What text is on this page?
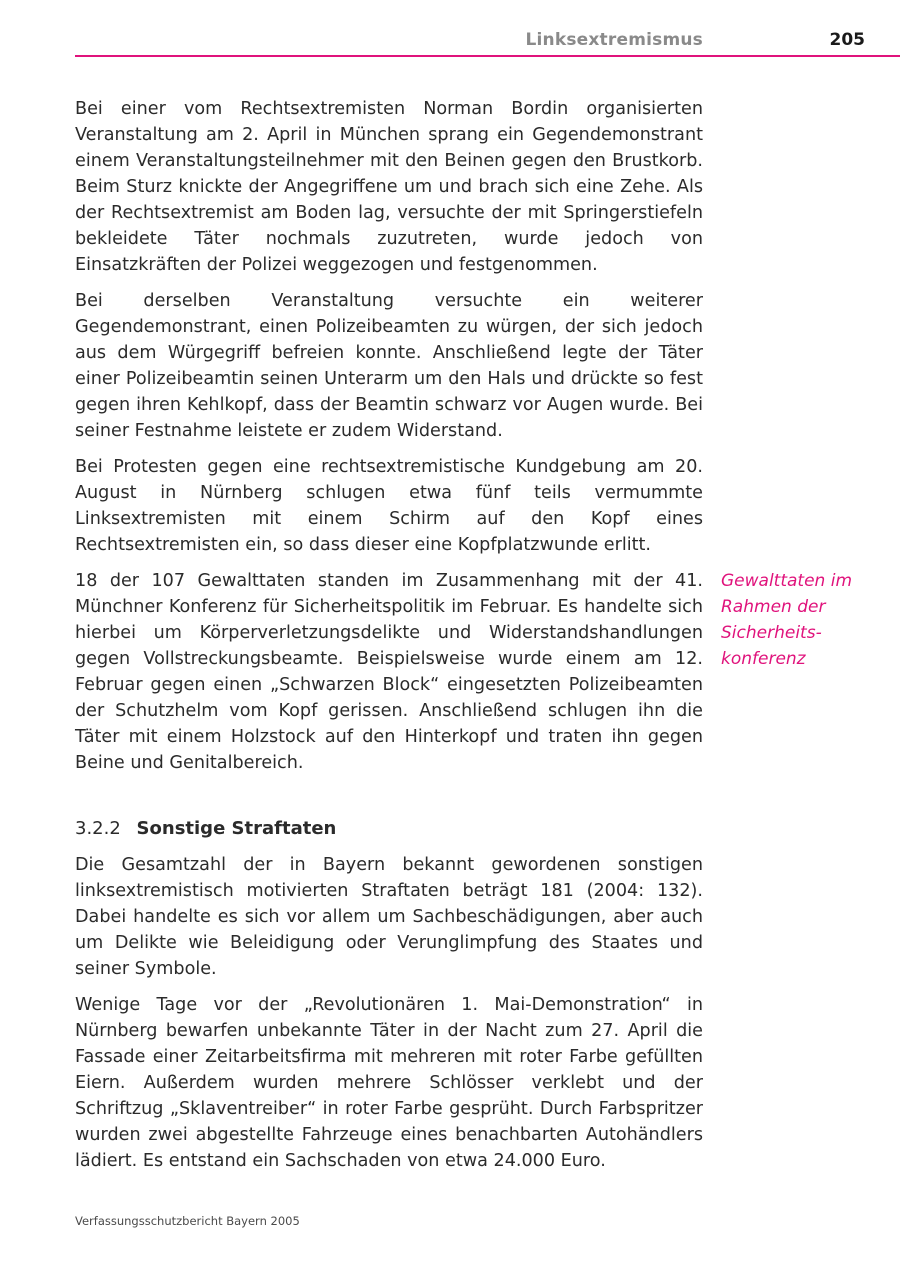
Linksextremismus	205

Bei einer vom Rechtsextremisten Norman Bordin organisierten Veranstaltung am 2. April in München sprang ein Gegendemonstrant einem Veranstaltungsteilnehmer mit den Beinen gegen den Brustkorb. Beim Sturz knickte der Angegriffene um und brach sich eine Zehe. Als der Rechtsextremist am Boden lag, versuchte der mit Springerstiefeln bekleidete Täter nochmals zuzutreten, wurde jedoch von Einsatzkräften der Polizei weggezogen und festgenommen.

Bei derselben Veranstaltung versuchte ein weiterer Gegendemonstrant, einen Polizeibeamten zu würgen, der sich jedoch aus dem Würgegriff befreien konnte. Anschließend legte der Täter einer Polizeibeamtin seinen Unterarm um den Hals und drückte so fest gegen ihren Kehlkopf, dass der Beamtin schwarz vor Augen wurde. Bei seiner Festnahme leistete er zudem Widerstand.

Bei Protesten gegen eine rechtsextremistische Kundgebung am 20. August in Nürnberg schlugen etwa fünf teils vermummte Linksextremisten mit einem Schirm auf den Kopf eines Rechtsextremisten ein, so dass dieser eine Kopfplatzwunde erlitt.

18 der 107 Gewalttaten standen im Zusammenhang mit der 41. Münchner Konferenz für Sicherheitspolitik im Februar. Es handelte sich hierbei um Körperverletzungsdelikte und Widerstandshandlungen gegen Vollstreckungsbeamte. Beispielsweise wurde einem am 12. Februar gegen einen „Schwarzen Block“ eingesetzten Polizeibeamten der Schutzhelm vom Kopf gerissen. Anschließend schlugen ihn die Täter mit einem Holzstock auf den Hinterkopf und traten ihn gegen Beine und Genitalbereich.

Gewalttaten im Rahmen der Sicherheitskonferenz
3.2.2 Sonstige Straftaten

Die Gesamtzahl der in Bayern bekannt gewordenen sonstigen linksextremistisch motivierten Straftaten beträgt 181 (2004: 132). Dabei handelte es sich vor allem um Sachbeschädigungen, aber auch um Delikte wie Beleidigung oder Verunglimpfung des Staates und seiner Symbole.

Wenige Tage vor der „Revolutionären 1. Mai-Demonstration“ in Nürnberg bewarfen unbekannte Täter in der Nacht zum 27. April die Fassade einer Zeitarbeitsfirma mit mehreren mit roter Farbe gefüllten Eiern. Außerdem wurden mehrere Schlösser verklebt und der Schriftzug „Sklaventreiber“ in roter Farbe gesprüht. Durch Farbspritzer wurden zwei abgestellte Fahrzeuge eines benachbarten Autohändlers lädiert. Es entstand ein Sachschaden von etwa 24.000 Euro.

Verfassungsschutzbericht Bayern 2005
